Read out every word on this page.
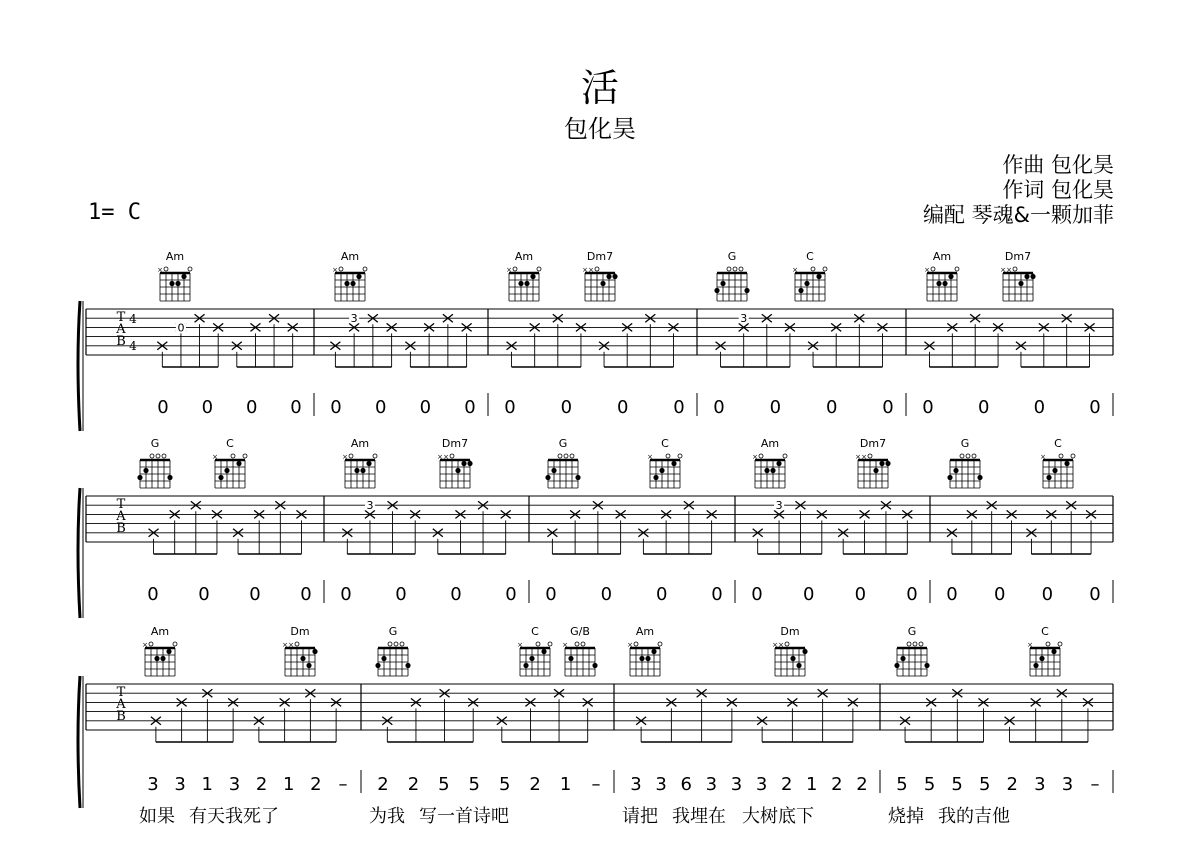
活
包化昊
作曲 包化昊
作词 包化昊
编配 琴魂&一颗加菲
1= C
T
A
B
4
4
Am
×
Am
×
Am
×
Dm7
× ×
G	C
×
Am
×
Dm7
× ×
0
0 0 0 0
3
0 0 0 0 0 0 0 0
3
0 0 0 0 0 0 0 0
T
A
B
G	C
×
Am
×
Dm7
× ×
G	C
×
Am
×
Dm7
× ×
G	C
×
0 0 0 0
3
0 0 0 0 0 0 0 0
3
0 0 0 0 0 0 0 0
T
A
B
Am
×
Dm
× ×
G	C
×
G/B
×
Am
×
Dm
× ×
G	C
×
3 3 1 3 2 1 2 –
如果 有天我死了
2 2 5 5 5 2 1 –
为我 写一首诗吧
3 3 6 3 3 3 2 1 2 2
请把 我埋在 大树底下
5 5 5 5 2 3 3 –
烧掉 我的吉他
